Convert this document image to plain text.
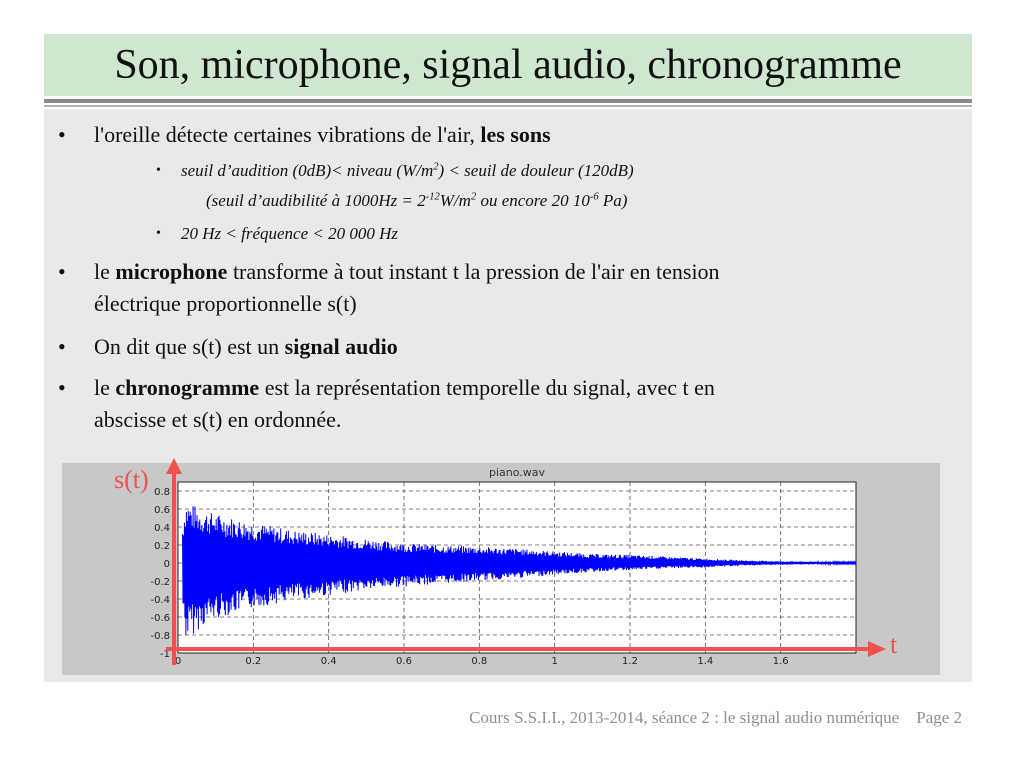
Son, microphone, signal audio, chronogramme
• l'oreille détecte certaines vibrations de l'air, les sons
• seuil d’audition (0dB)< niveau $(W/m^2)$ < seuil de douleur (120dB)
(seuil d’audibilité à $1000Hz = 2^{-12}W/m^2$ ou encore 20 $10^{-6}$ Pa)
• 20 Hz < fréquence < 20 000 Hz
• le microphone transforme à tout instant t la pression de l'air en tension
électrique proportionnelle s(t)
• On dit que s(t) est un signal audio
• le chronogramme est la représentation temporelle du signal, avec t en
abscisse et s(t) en ordonnée.
piano.wav
0.8
0.6
0.4
0.2
0
-0.2
-0.4
-0.6
-0.8
-1
0	0.2	0.4	0.6	0.8	1	1.2	1.4	1.6
s(t)
t
Cours S.S.I.I., 2013-2014, séance 2 : le signal audio numérique Page 2
